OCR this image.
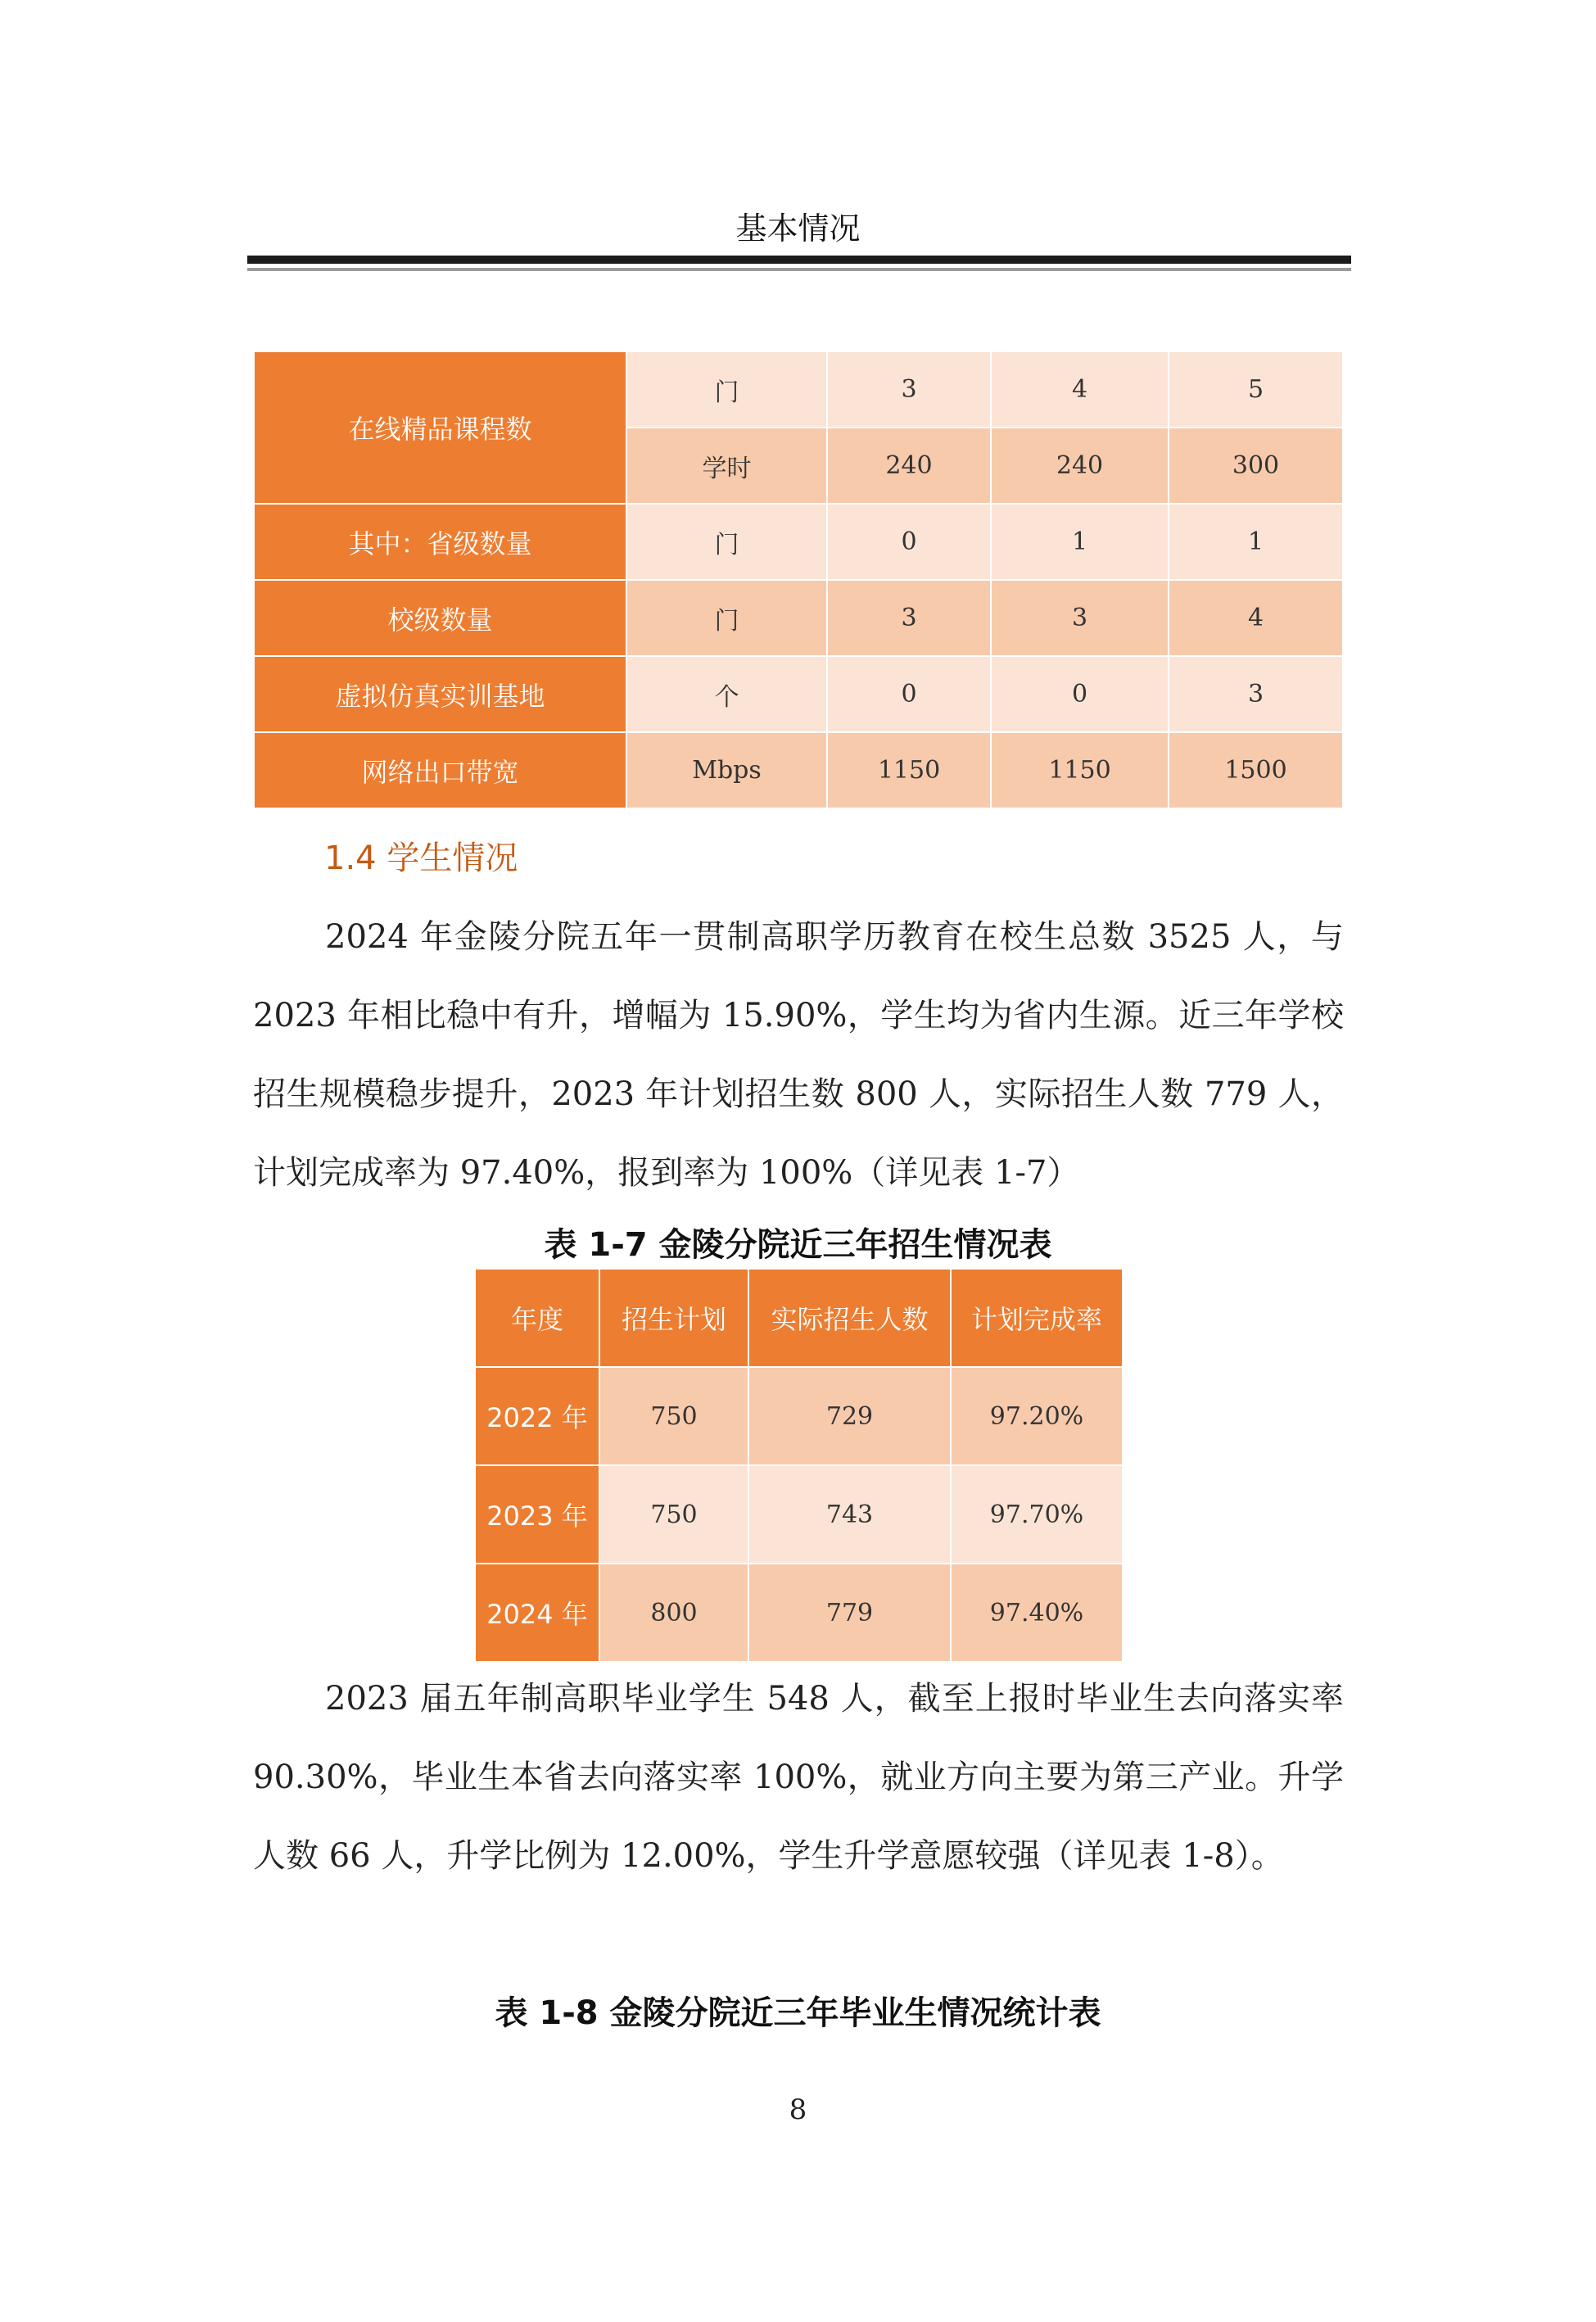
基本情况
在线精品课程数	门	3	4	5
	学时	240	240	300
其中：省级数量	门	0	1	1
校级数量	门	3	3	4
虚拟仿真实训基地	个	0	0	3
网络出口带宽	Mbps	1150	1150	1500
1.4 学生情况

2024 年金陵分院五年一贯制高职学历教育在校生总数 3525 人，与 2023 年相比稳中有升，增幅为 15.90%，学生均为省内生源。近三年学校招生规模稳步提升，2023 年计划招生数 800 人，实际招生人数 779 人，计划完成率为 97.40%，报到率为 100%（详见表 1-7）

表 1-7 金陵分院近三年招生情况表
年度	招生计划	实际招生人数	计划完成率
2022 年	750	729	97.20%
2023 年	750	743	97.70%
2024 年	800	779	97.40%

2023 届五年制高职毕业学生 548 人，截至上报时毕业生去向落实率 90.30%，毕业生本省去向落实率 100%，就业方向主要为第三产业。升学人数 66 人，升学比例为 12.00%，学生升学意愿较强（详见表 1-8）。

表 1-8 金陵分院近三年毕业生情况统计表
8
